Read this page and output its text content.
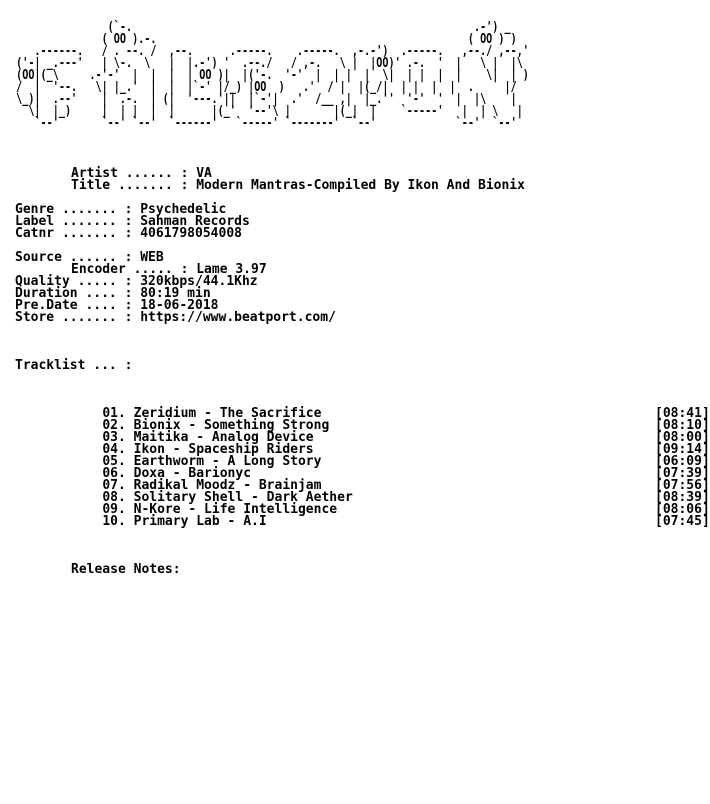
(`-.                                                        .-') _
( OO ).-.                                                   ( OO ) )
.------.   / . --. /  ,--.      .-----.    .-----.  ,-.-')  .-----.   ,--./ ,--,'
('-| _.---'   | \-.  \   |  |.-') '  .--./   / ,-.   \ |  |OO)' .-.  '  |   \ |  |\
(OO|(_\     .-'-'  |  |  |  | OO )|  |('-.  '-'  |  | |  |  \|  | |  |  |    \|  | )
/  |  '--.   \| |_.'  |  |  |`-' |/_) |OO  )   .'  / |  |(_/|  | |  |  |  .     |/
\_)|  .--'    |  .-.  | (|  '---.'||  |`-'|  .'  /__ ,|  |_.''  '-'  '  |  |\    |
\|  |_)     |  | |  |  |      |(_'  '--'\ |       |(_|  |    `-----'   |  | \   |
`--'       `--' `--'  `------'   `-----' `-------'  `--'             `--'  `--'
Artist ...... : VA
Title ....... : Modern Mantras-Compiled By Ikon And Bionix
Genre ....... : Psychedelic
Label ....... : Sahman Records
Catnr ....... : 4061798054008
Source ...... : WEB
Encoder ..... : Lame 3.97
Quality ..... : 320kbps/44.1Khz
Duration .... : 80:19 min
Pre.Date .... : 18-06-2018
Store ....... : https://www.beatport.com/
Tracklist ... :

01. Zeridium - The Sacrifice	[08:41]

02. Bionix - Something Strong	[08:10]

03. Maitika - Analog Device	[08:00]

04. Ikon - Spaceship Riders	[09:14]

05. Earthworm - A Long Story	[06:09]

06. Doxa - Barionyc	[07:39]

07. Radikal Moodz - Brainjam	[07:56]

08. Solitary Shell - Dark Aether	[08:39]

09. N-Kore - Life Intelligence	[08:06]

10. Primary Lab - A.I	[07:45]

Release Notes:
